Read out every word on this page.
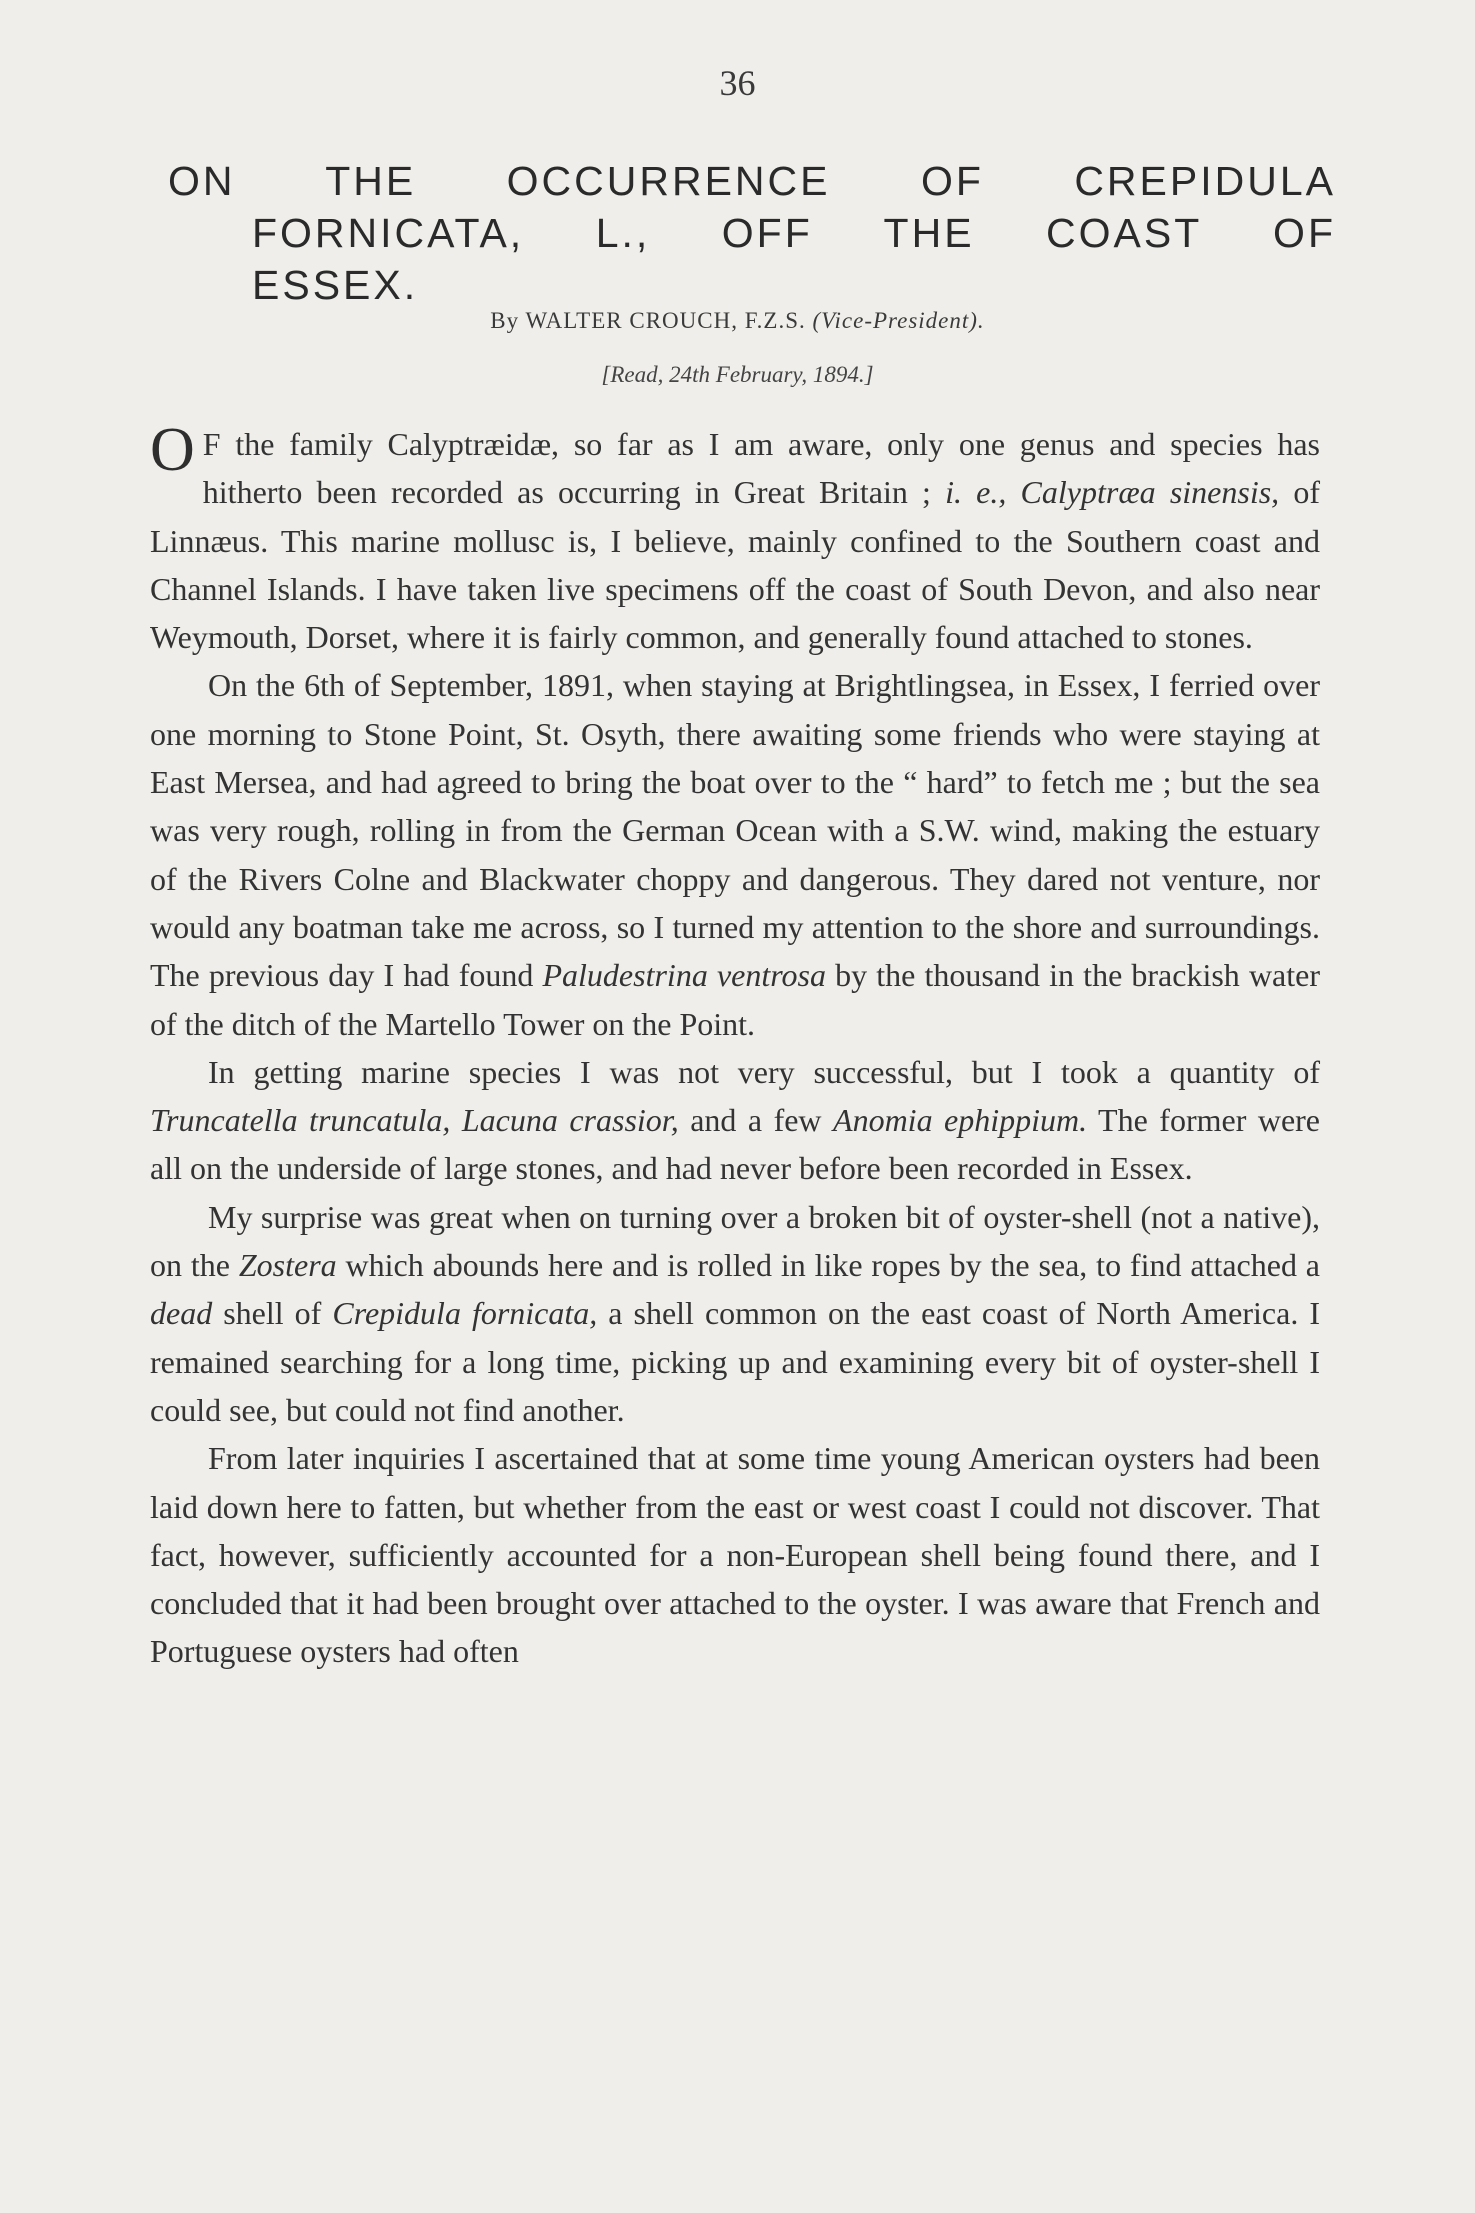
36
ON THE OCCURRENCE OF CREPIDULA
FORNICATA, L., OFF THE COAST OF
ESSEX.
By WALTER CROUCH, F.Z.S. (Vice-President).
[Read, 24th February, 1894.]

O F the family Calyptræidæ, so far as I am aware, only one genus and species has hitherto been recorded as occurring in Great Britain ; i. e., Calyptræa sinensis, of Linnæus. This marine mollusc is, I believe, mainly confined to the Southern coast and Channel Islands. I have taken live specimens off the coast of South Devon, and also near Weymouth, Dorset, where it is fairly common, and generally found attached to stones.

On the 6th of September, 1891, when staying at Brightlingsea, in Essex, I ferried over one morning to Stone Point, St. Osyth, there awaiting some friends who were staying at East Mersea, and had agreed to bring the boat over to the “ hard” to fetch me ; but the sea was very rough, rolling in from the German Ocean with a S.W. wind, making the estuary of the Rivers Colne and Blackwater choppy and dangerous. They dared not venture, nor would any boatman take me across, so I turned my attention to the shore and surroundings. The previous day I had found Paludestrina ventrosa by the thousand in the brackish water of the ditch of the Martello Tower on the Point.

In getting marine species I was not very successful, but I took a quantity of Truncatella truncatula, Lacuna crassior, and a few Anomia ephippium. The former were all on the underside of large stones, and had never before been recorded in Essex.

My surprise was great when on turning over a broken bit of oyster-shell (not a native), on the Zostera which abounds here and is rolled in like ropes by the sea, to find attached a dead shell of Crepidula fornicata, a shell common on the east coast of North America. I remained searching for a long time, picking up and examining every bit of oyster-shell I could see, but could not find another.

From later inquiries I ascertained that at some time young American oysters had been laid down here to fatten, but whether from the east or west coast I could not discover. That fact, however, sufficiently accounted for a non-European shell being found there, and I concluded that it had been brought over attached to the oyster. I was aware that French and Portuguese oysters had often
